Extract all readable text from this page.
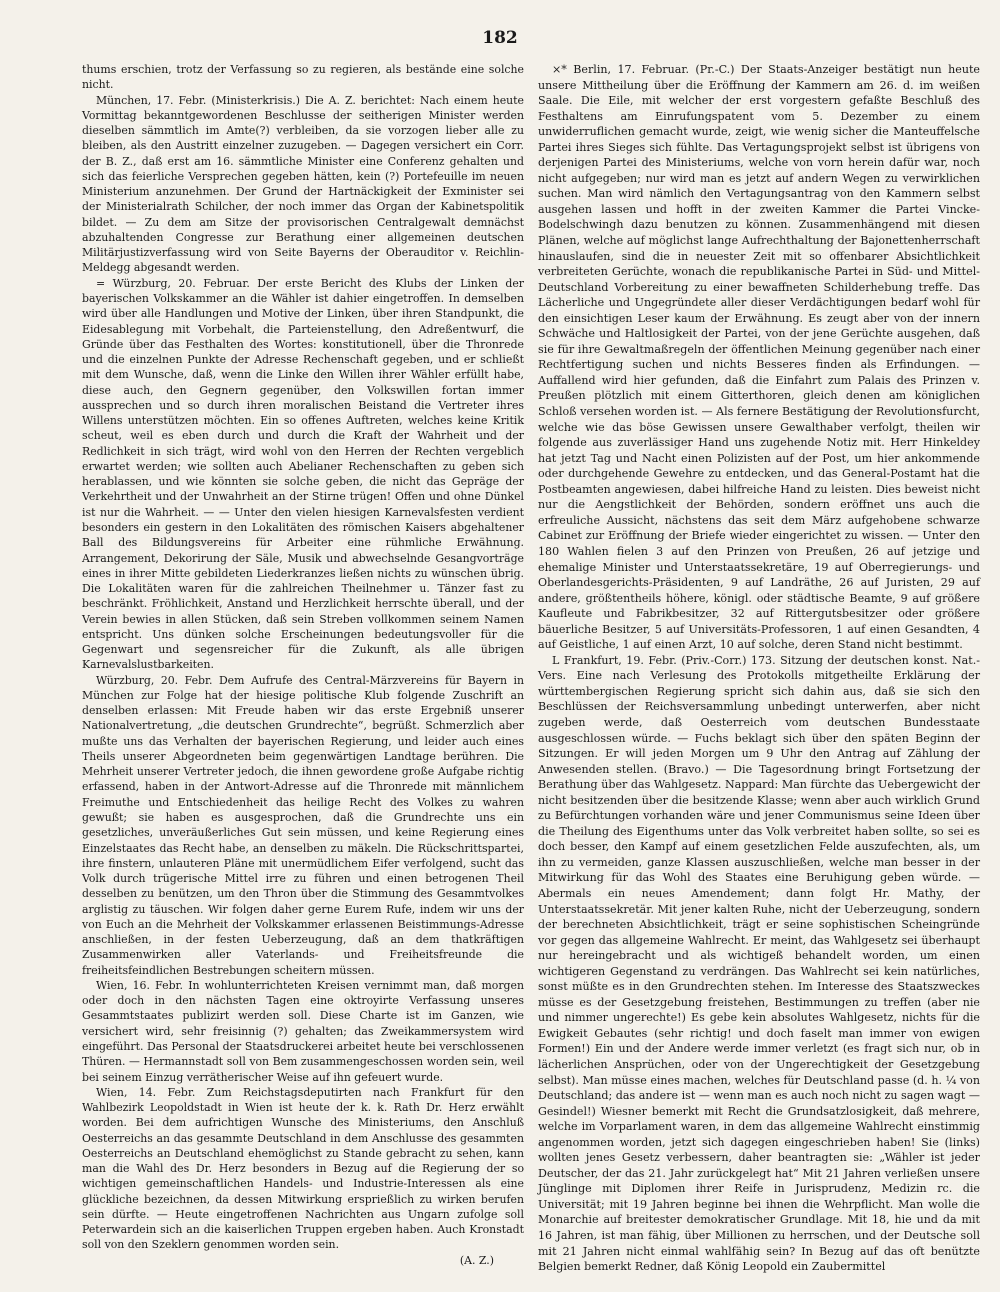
182

thums erschien, trotz der Verfassung so zu regieren, als bestände eine solche nicht.

München, 17. Febr. (Ministerkrisis.) Die A. Z. berichtet: Nach einem heute Vormittag bekanntgewordenen Beschlusse der seitherigen Minister werden dieselben sämmtlich im Amte(?) verbleiben, da sie vorzogen lieber alle zu bleiben, als den Austritt einzelner zuzugeben. — Dagegen versichert ein Corr. der B. Z., daß erst am 16. sämmtliche Minister eine Conferenz gehalten und sich das feierliche Versprechen gegeben hätten, kein (?) Portefeuille im neuen Ministerium anzunehmen. Der Grund der Hartnäckigkeit der Exminister sei der Ministerialrath Schilcher, der noch immer das Organ der Kabinetspolitik bildet. — Zu dem am Sitze der provisorischen Centralgewalt demnächst abzuhaltenden Congresse zur Berathung einer allgemeinen deutschen Militärjustizverfassung wird von Seite Bayerns der Oberauditor v. Reichlin-Meldegg abgesandt werden.

= Würzburg, 20. Februar. Der erste Bericht des Klubs der Linken der bayerischen Volkskammer an die Wähler ist dahier eingetroffen. In demselben wird über alle Handlungen und Motive der Linken, über ihren Standpunkt, die Eidesablegung mit Vorbehalt, die Parteienstellung, den Adreßentwurf, die Gründe über das Festhalten des Wortes: konstitutionell, über die Thronrede und die einzelnen Punkte der Adresse Rechenschaft gegeben, und er schließt mit dem Wunsche, daß, wenn die Linke den Willen ihrer Wähler erfüllt habe, diese auch, den Gegnern gegenüber, den Volkswillen fortan immer aussprechen und so durch ihren moralischen Beistand die Vertreter ihres Willens unterstützen möchten. Ein so offenes Auftreten, welches keine Kritik scheut, weil es eben durch und durch die Kraft der Wahrheit und der Redlichkeit in sich trägt, wird wohl von den Herren der Rechten vergeblich erwartet werden; wie sollten auch Abelianer Rechenschaften zu geben sich herablassen, und wie könnten sie solche geben, die nicht das Gepräge der Verkehrtheit und der Unwahrheit an der Stirne trügen! Offen und ohne Dünkel ist nur die Wahrheit. — — Unter den vielen hiesigen Karnevalsfesten verdient besonders ein gestern in den Lokalitäten des römischen Kaisers abgehaltener Ball des Bildungsvereins für Arbeiter eine rühmliche Erwähnung. Arrangement, Dekorirung der Säle, Musik und abwechselnde Gesangvorträge eines in ihrer Mitte gebildeten Liederkranzes ließen nichts zu wünschen übrig. Die Lokalitäten waren für die zahlreichen Theilnehmer u. Tänzer fast zu beschränkt. Fröhlichkeit, Anstand und Herzlichkeit herrschte überall, und der Verein bewies in allen Stücken, daß sein Streben vollkommen seinem Namen entspricht. Uns dünken solche Erscheinungen bedeutungsvoller für die Gegenwart und segensreicher für die Zukunft, als alle übrigen Karnevalslustbarkeiten.

Würzburg, 20. Febr. Dem Aufrufe des Central-Märzvereins für Bayern in München zur Folge hat der hiesige politische Klub folgende Zuschrift an denselben erlassen: Mit Freude haben wir das erste Ergebniß unserer Nationalvertretung, „die deutschen Grundrechte“, begrüßt. Schmerzlich aber mußte uns das Verhalten der bayerischen Regierung, und leider auch eines Theils unserer Abgeordneten beim gegenwärtigen Landtage berühren. Die Mehrheit unserer Vertreter jedoch, die ihnen gewordene große Aufgabe richtig erfassend, haben in der Antwort-Adresse auf die Thronrede mit männlichem Freimuthe und Entschiedenheit das heilige Recht des Volkes zu wahren gewußt; sie haben es ausgesprochen, daß die Grundrechte uns ein gesetzliches, unveräußerliches Gut sein müssen, und keine Regierung eines Einzelstaates das Recht habe, an denselben zu mäkeln. Die Rückschrittspartei, ihre finstern, unlauteren Pläne mit unermüdlichem Eifer verfolgend, sucht das Volk durch trügerische Mittel irre zu führen und einen betrogenen Theil desselben zu benützen, um den Thron über die Stimmung des Gesammtvolkes arglistig zu täuschen. Wir folgen daher gerne Eurem Rufe, indem wir uns der von Euch an die Mehrheit der Volkskammer erlassenen Beistimmungs-Adresse anschließen, in der festen Ueberzeugung, daß an dem thatkräftigen Zusammenwirken aller Vaterlands- und Freiheitsfreunde die freiheitsfeindlichen Bestrebungen scheitern müssen.

Wien, 16. Febr. In wohlunterrichteten Kreisen vernimmt man, daß morgen oder doch in den nächsten Tagen eine oktroyirte Verfassung unseres Gesammtstaates publizirt werden soll. Diese Charte ist im Ganzen, wie versichert wird, sehr freisinnig (?) gehalten; das Zweikammersystem wird eingeführt. Das Personal der Staatsdruckerei arbeitet heute bei verschlossenen Thüren. — Hermannstadt soll von Bem zusammengeschossen worden sein, weil bei seinem Einzug verrätherischer Weise auf ihn gefeuert wurde.

Wien, 14. Febr. Zum Reichstagsdeputirten nach Frankfurt für den Wahlbezirk Leopoldstadt in Wien ist heute der k. k. Rath Dr. Herz erwählt worden. Bei dem aufrichtigen Wunsche des Ministeriums, den Anschluß Oesterreichs an das gesammte Deutschland in dem Anschlusse des gesammten Oesterreichs an Deutschland ehemöglichst zu Stande gebracht zu sehen, kann man die Wahl des Dr. Herz besonders in Bezug auf die Regierung der so wichtigen gemeinschaftlichen Handels- und Industrie-Interessen als eine glückliche bezeichnen, da dessen Mitwirkung ersprießlich zu wirken berufen sein dürfte. — Heute eingetroffenen Nachrichten aus Ungarn zufolge soll Peterwardein sich an die kaiserlichen Truppen ergeben haben. Auch Kronstadt soll von den Szeklern genommen worden sein.

(A. Z.)

×* Berlin, 17. Februar. (Pr.-C.) Der Staats-Anzeiger bestätigt nun heute unsere Mittheilung über die Eröffnung der Kammern am 26. d. im weißen Saale. Die Eile, mit welcher der erst vorgestern gefaßte Beschluß des Festhaltens am Einrufungspatent vom 5. Dezember zu einem unwiderruflichen gemacht wurde, zeigt, wie wenig sicher die Manteuffelsche Partei ihres Sieges sich fühlte. Das Vertagungsprojekt selbst ist übrigens von derjenigen Partei des Ministeriums, welche von vorn herein dafür war, noch nicht aufgegeben; nur wird man es jetzt auf andern Wegen zu verwirklichen suchen. Man wird nämlich den Vertagungsantrag von den Kammern selbst ausgehen lassen und hofft in der zweiten Kammer die Partei Vincke-Bodelschwingh dazu benutzen zu können. Zusammenhängend mit diesen Plänen, welche auf möglichst lange Aufrechthaltung der Bajonettenherrschaft hinauslaufen, sind die in neuester Zeit mit so offenbarer Absichtlichkeit verbreiteten Gerüchte, wonach die republikanische Partei in Süd- und Mittel-Deutschland Vorbereitung zu einer bewaffneten Schilderhebung treffe. Das Lächerliche und Ungegründete aller dieser Verdächtigungen bedarf wohl für den einsichtigen Leser kaum der Erwähnung. Es zeugt aber von der innern Schwäche und Haltlosigkeit der Partei, von der jene Gerüchte ausgehen, daß sie für ihre Gewaltmaßregeln der öffentlichen Meinung gegenüber nach einer Rechtfertigung suchen und nichts Besseres finden als Erfindungen. — Auffallend wird hier gefunden, daß die Einfahrt zum Palais des Prinzen v. Preußen plötzlich mit einem Gitterthoren, gleich denen am königlichen Schloß versehen worden ist. — Als fernere Bestätigung der Revolutionsfurcht, welche wie das böse Gewissen unsere Gewalthaber verfolgt, theilen wir folgende aus zuverlässiger Hand uns zugehende Notiz mit. Herr Hinkeldey hat jetzt Tag und Nacht einen Polizisten auf der Post, um hier ankommende oder durchgehende Gewehre zu entdecken, und das General-Postamt hat die Postbeamten angewiesen, dabei hilfreiche Hand zu leisten. Dies beweist nicht nur die Aengstlichkeit der Behörden, sondern eröffnet uns auch die erfreuliche Aussicht, nächstens das seit dem März aufgehobene schwarze Cabinet zur Eröffnung der Briefe wieder eingerichtet zu wissen. — Unter den 180 Wahlen fielen 3 auf den Prinzen von Preußen, 26 auf jetzige und ehemalige Minister und Unterstaatssekretäre, 19 auf Oberregierungs- und Oberlandesgerichts-Präsidenten, 9 auf Landräthe, 26 auf Juristen, 29 auf andere, größtentheils höhere, königl. oder städtische Beamte, 9 auf größere Kaufleute und Fabrikbesitzer, 32 auf Rittergutsbesitzer oder größere bäuerliche Besitzer, 5 auf Universitäts-Professoren, 1 auf einen Gesandten, 4 auf Geistliche, 1 auf einen Arzt, 10 auf solche, deren Stand nicht bestimmt.

L Frankfurt, 19. Febr. (Priv.-Corr.) 173. Sitzung der deutschen konst. Nat.-Vers. Eine nach Verlesung des Protokolls mitgetheilte Erklärung der württembergischen Regierung spricht sich dahin aus, daß sie sich den Beschlüssen der Reichsversammlung unbedingt unterwerfen, aber nicht zugeben werde, daß Oesterreich vom deutschen Bundesstaate ausgeschlossen würde. — Fuchs beklagt sich über den späten Beginn der Sitzungen. Er will jeden Morgen um 9 Uhr den Antrag auf Zählung der Anwesenden stellen. (Bravo.) — Die Tagesordnung bringt Fortsetzung der Berathung über das Wahlgesetz. Nappard: Man fürchte das Uebergewicht der nicht besitzenden über die besitzende Klasse; wenn aber auch wirklich Grund zu Befürchtungen vorhanden wäre und jener Communismus seine Ideen über die Theilung des Eigenthums unter das Volk verbreitet haben sollte, so sei es doch besser, den Kampf auf einem gesetzlichen Felde auszufechten, als, um ihn zu vermeiden, ganze Klassen auszuschließen, welche man besser in der Mitwirkung für das Wohl des Staates eine Beruhigung geben würde. — Abermals ein neues Amendement; dann folgt Hr. Mathy, der Unterstaatssekretär. Mit jener kalten Ruhe, nicht der Ueberzeugung, sondern der berechneten Absichtlichkeit, trägt er seine sophistischen Scheingründe vor gegen das allgemeine Wahlrecht. Er meint, das Wahlgesetz sei überhaupt nur hereingebracht und als wichtigeß behandelt worden, um einen wichtigeren Gegenstand zu verdrängen. Das Wahlrecht sei kein natürliches, sonst müßte es in den Grundrechten stehen. Im Interesse des Staatszweckes müsse es der Gesetzgebung freistehen, Bestimmungen zu treffen (aber nie und nimmer ungerechte!) Es gebe kein absolutes Wahlgesetz, nichts für die Ewigkeit Gebautes (sehr richtig! und doch faselt man immer von ewigen Formen!) Ein und der Andere werde immer verletzt (es fragt sich nur, ob in lächerlichen Ansprüchen, oder von der Ungerechtigkeit der Gesetzgebung selbst). Man müsse eines machen, welches für Deutschland passe (d. h. ¼ von Deutschland; das andere ist — wenn man es auch noch nicht zu sagen wagt — Gesindel!) Wiesner bemerkt mit Recht die Grundsatzlosigkeit, daß mehrere, welche im Vorparlament waren, in dem das allgemeine Wahlrecht einstimmig angenommen worden, jetzt sich dagegen eingeschrieben haben! Sie (links) wollten jenes Gesetz verbessern, daher beantragten sie: „Wähler ist jeder Deutscher, der das 21. Jahr zurückgelegt hat“ Mit 21 Jahren verließen unsere Jünglinge mit Diplomen ihrer Reife in Jurisprudenz, Medizin rc. die Universität; mit 19 Jahren beginne bei ihnen die Wehrpflicht. Man wolle die Monarchie auf breitester demokratischer Grundlage. Mit 18, hie und da mit 16 Jahren, ist man fähig, über Millionen zu herrschen, und der Deutsche soll mit 21 Jahren nicht einmal wahlfähig sein? In Bezug auf das oft benützte Belgien bemerkt Redner, daß König Leopold ein Zaubermittel
